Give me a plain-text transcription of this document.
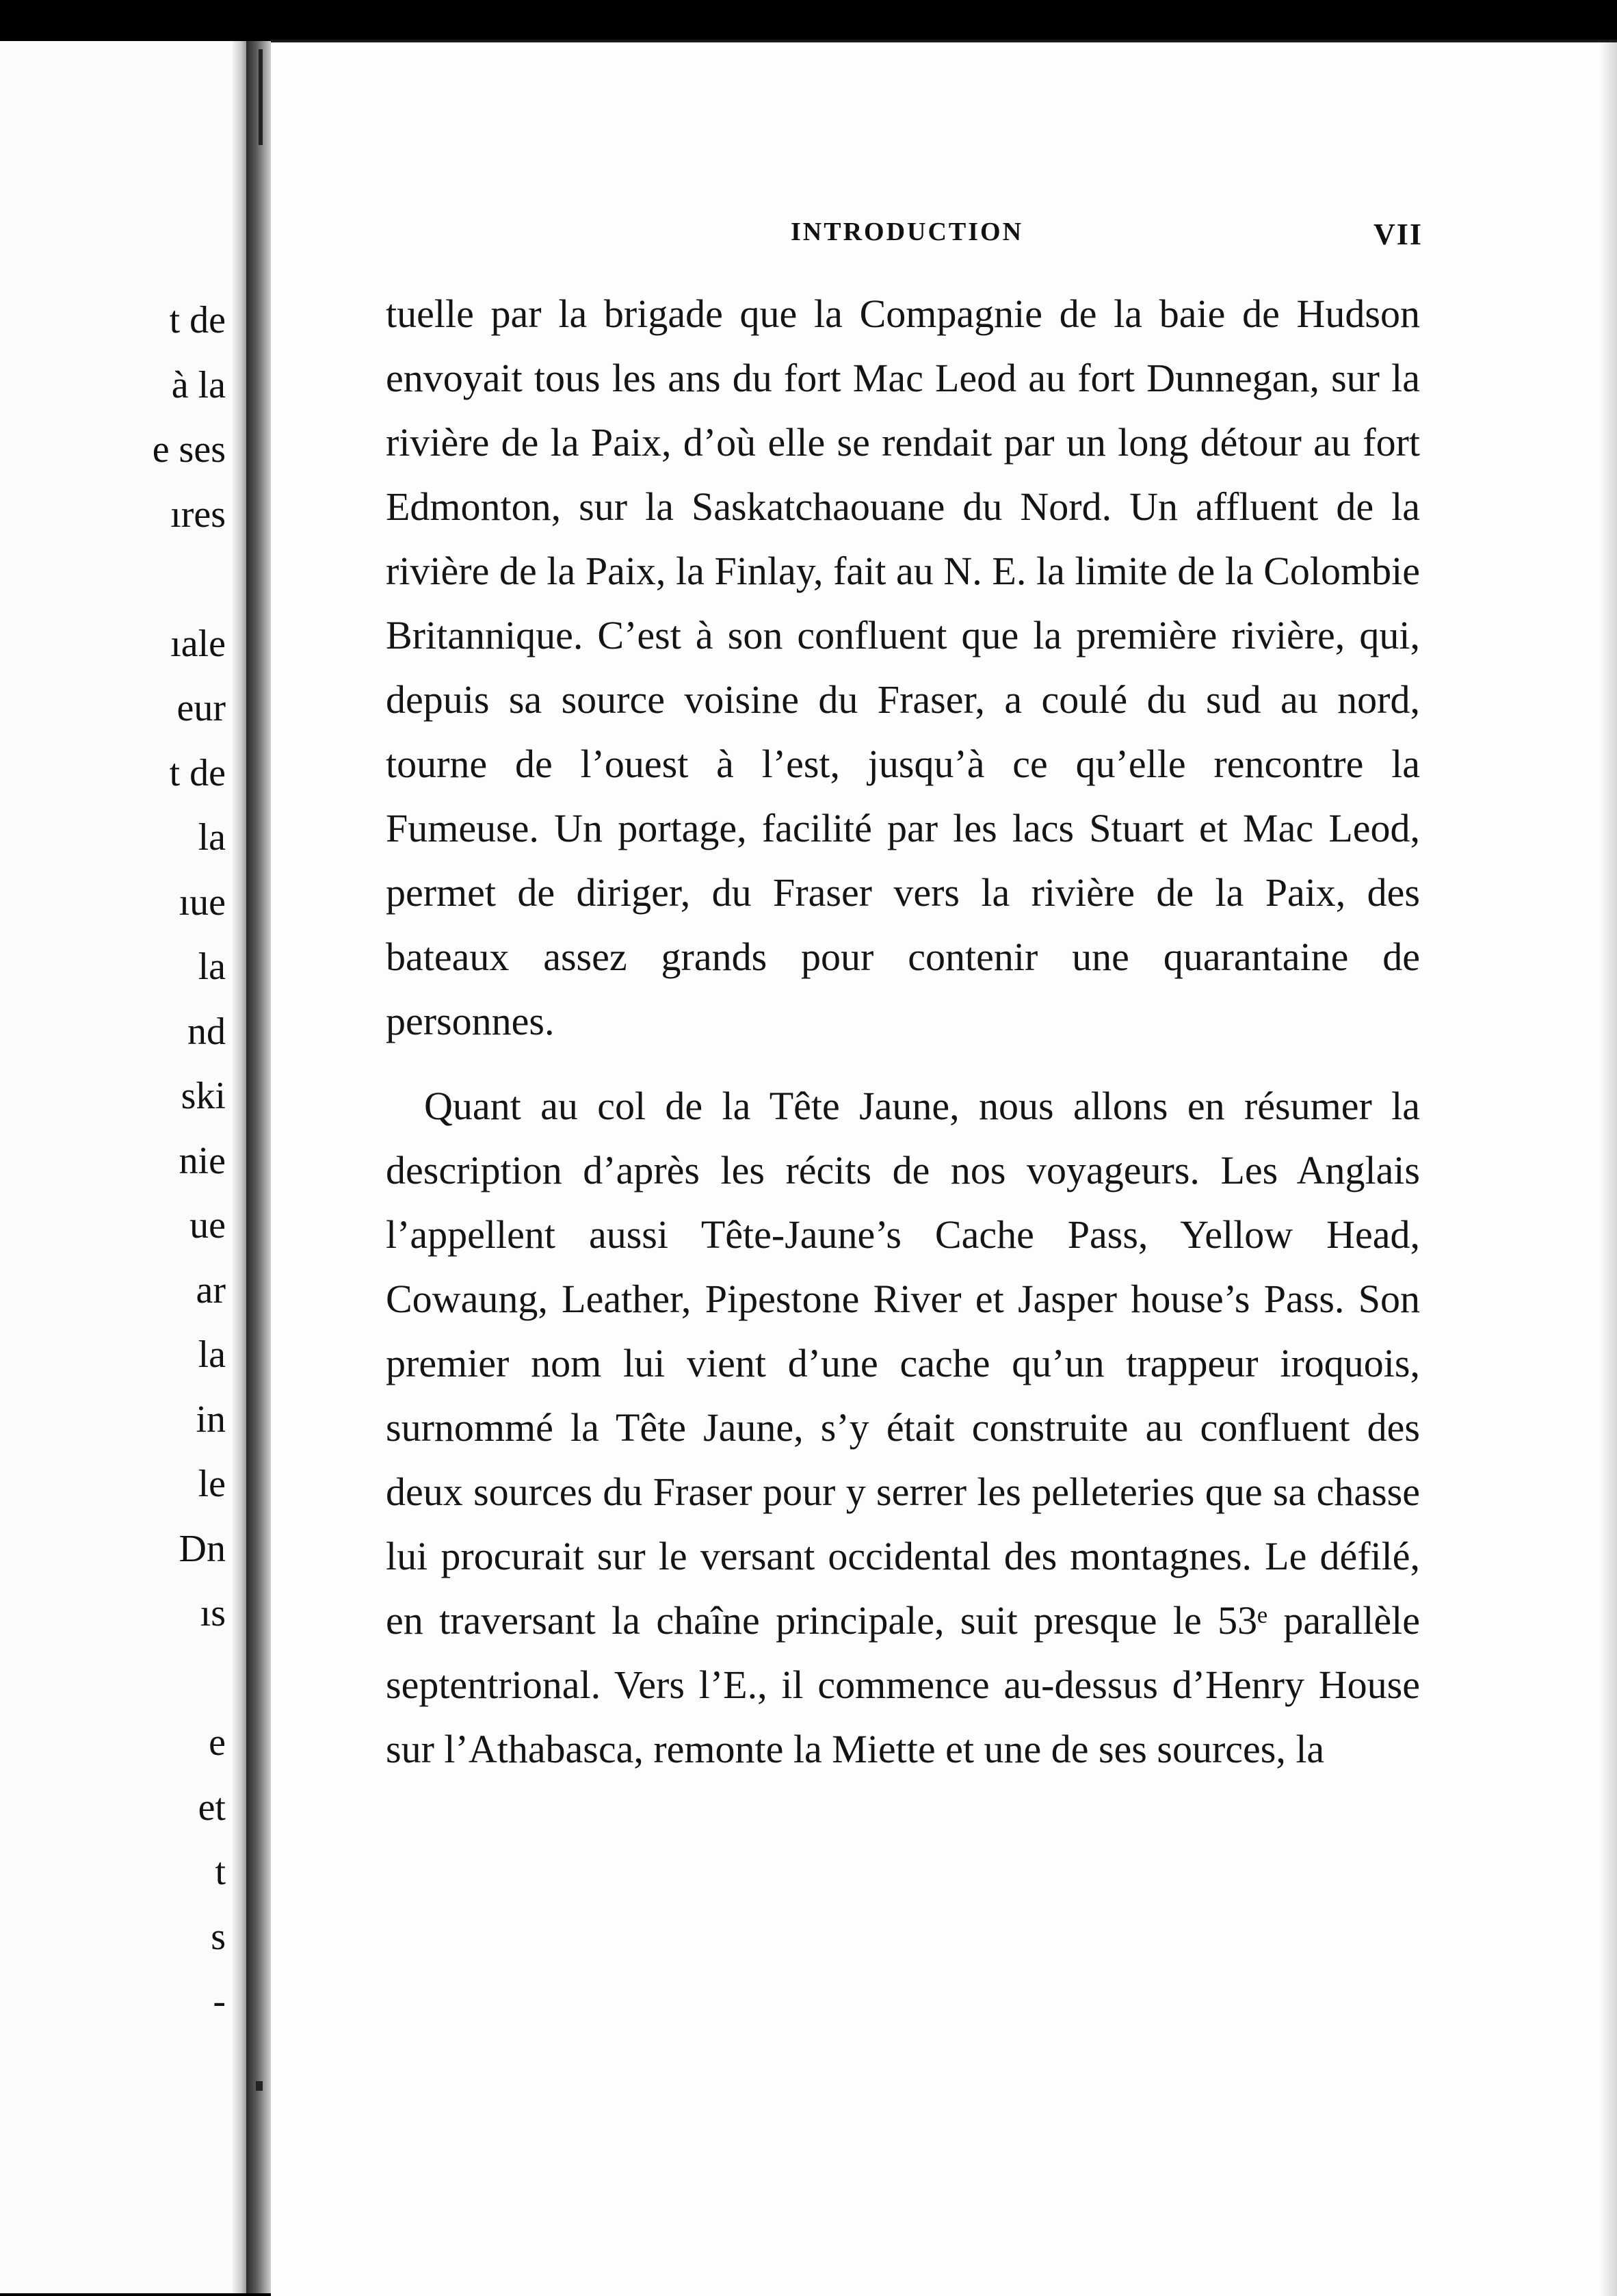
t de
à la
e ses
ıres
ıale
eur
t de
la
ıue
la
nd
ski
nie
ue
ar
la
in
le
Dn
ıs
e
et
t
s
-
INTRODUCTION	VII

tuelle par la brigade que la Compagnie de la baie de Hudson envoyait tous les ans du fort Mac Leod au fort Dunnegan, sur la rivière de la Paix, d’où elle se rendait par un long détour au fort Edmonton, sur la Saskatchaouane du Nord. Un affluent de la rivière de la Paix, la Finlay, fait au N. E. la limite de la Colombie Britannique. C’est à son confluent que la première rivière, qui, depuis sa source voisine du Fraser, a coulé du sud au nord, tourne de l’ouest à l’est, jusqu’à ce qu’elle rencontre la Fumeuse. Un portage, facilité par les lacs Stuart et Mac Leod, permet de diriger, du Fraser vers la rivière de la Paix, des bateaux assez grands pour contenir une quarantaine de personnes.

Quant au col de la Tête Jaune, nous allons en résumer la description d’après les récits de nos voyageurs. Les Anglais l’appellent aussi Tête-Jaune’s Cache Pass, Yellow Head, Cowaung, Leather, Pipestone River et Jasper house’s Pass. Son premier nom lui vient d’une cache qu’un trappeur iroquois, surnommé la Tête Jaune, s’y était construite au confluent des deux sources du Fraser pour y serrer les pelleteries que sa chasse lui procurait sur le versant occidental des montagnes. Le défilé, en traversant la chaîne principale, suit presque le 53ᵉ parallèle septentrional. Vers l’E., il commence au-dessus d’Henry House sur l’Athabasca, remonte la Miette et une de ses sources, la
